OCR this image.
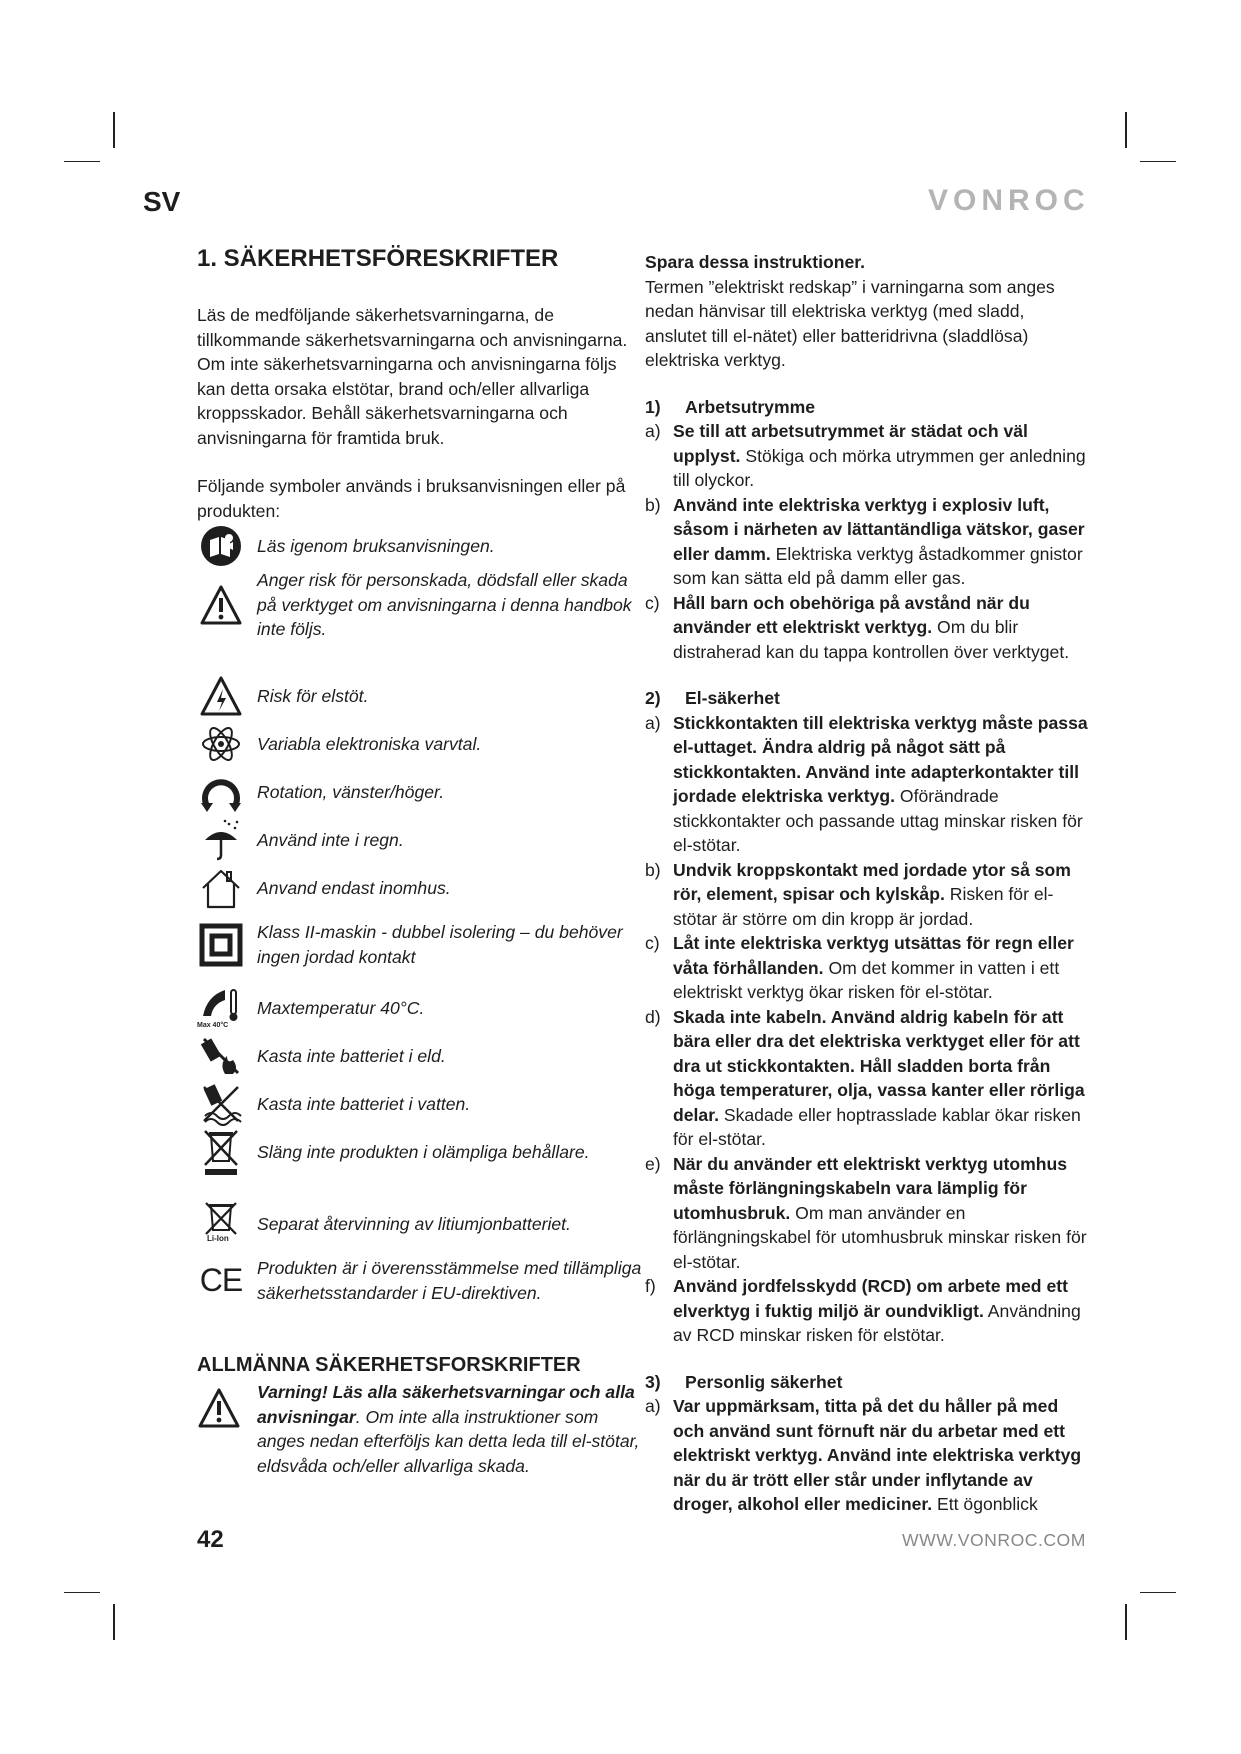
SV	VONROC
1. SÄKERHETSFÖRESKRIFTER

Läs de medföljande säkerhetsvarningarna, de tillkommande säkerhetsvarningarna och anvisningarna. Om inte säkerhetsvarningarna och anvisningarna följs kan detta orsaka elstötar, brand och/eller allvarliga kroppsskador. Behåll säkerhetsvarningarna och anvisningarna för framtida bruk.

Följande symboler används i bruksanvisningen eller på produkten:

Läs igenom bruksanvisningen.
Anger risk för personskada, dödsfall eller skada på verktyget om anvisningarna i denna handbok inte följs.
Risk för elstöt.
Variabla elektroniska varvtal.
Rotation, vänster/höger.
Använd inte i regn.
Anvand endast inomhus.
Klass II-maskin - dubbel isolering – du behöver ingen jordad kontakt
Max 40°C
Maxtemperatur 40°C.
Kasta inte batteriet i eld.
Kasta inte batteriet i vatten.
Släng inte produkten i olämpliga behållare.
Li-Ion
Separat återvinning av litiumjonbatteriet.
CE Produkten är i överensstämmelse med tillämpliga säkerhetsstandarder i EU-direktiven.
ALLMÄNNA SÄKERHETSFORSKRIFTER
Varning! Läs alla säkerhetsvarningar och alla anvisningar. Om inte alla instruktioner som anges nedan efterföljs kan detta leda till el-stötar, eldsvåda och/eller allvarliga skada.

Spara dessa instruktioner.

Termen ”elektriskt redskap” i varningarna som anges nedan hänvisar till elektriska verktyg (med sladd, anslutet till el-nätet) eller batteridrivna (sladdlösa) elektriska verktyg.

1)	Arbetsutrymme
a) Se till att arbetsutrymmet är städat och väl upplyst. Stökiga och mörka utrymmen ger anledning till olyckor.
b) Använd inte elektriska verktyg i explosiv luft, såsom i närheten av lättantändliga vätskor, gaser eller damm. Elektriska verktyg åstadkommer gnistor som kan sätta eld på damm eller gas.
c) Håll barn och obehöriga på avstånd när du använder ett elektriskt verktyg. Om du blir distraherad kan du tappa kontrollen över verktyget.
2)	El-säkerhet
a) Stickkontakten till elektriska verktyg måste passa el-uttaget. Ändra aldrig på något sätt på stickkontakten. Använd inte adapterkontakter till jordade elektriska verktyg. Oförändrade stickkontakter och passande uttag minskar risken för el-stötar.
b) Undvik kroppskontakt med jordade ytor så som rör, element, spisar och kylskåp. Risken för el-stötar är större om din kropp är jordad.
c) Låt inte elektriska verktyg utsättas för regn eller våta förhållanden. Om det kommer in vatten i ett elektriskt verktyg ökar risken för el-stötar.
d) Skada inte kabeln. Använd aldrig kabeln för att bära eller dra det elektriska verktyget eller för att dra ut stickkontakten. Håll sladden borta från höga temperaturer, olja, vassa kanter eller rörliga delar. Skadade eller hoptrasslade kablar ökar risken för el-stötar.
e) När du använder ett elektriskt verktyg utomhus måste förlängningskabeln vara lämplig för utomhusbruk. Om man använder en förlängningskabel för utomhusbruk minskar risken för el-stötar.
f) Använd jordfelsskydd (RCD) om arbete med ett elverktyg i fuktig miljö är oundvikligt. Användning av RCD minskar risken för elstötar.
3)	Personlig säkerhet
a) Var uppmärksam, titta på det du håller på med och använd sunt förnuft när du arbetar med ett elektriskt verktyg. Använd inte elektriska verktyg när du är trött eller står under inflytande av droger, alkohol eller mediciner. Ett ögonblick
42	WWW.VONROC.COM
